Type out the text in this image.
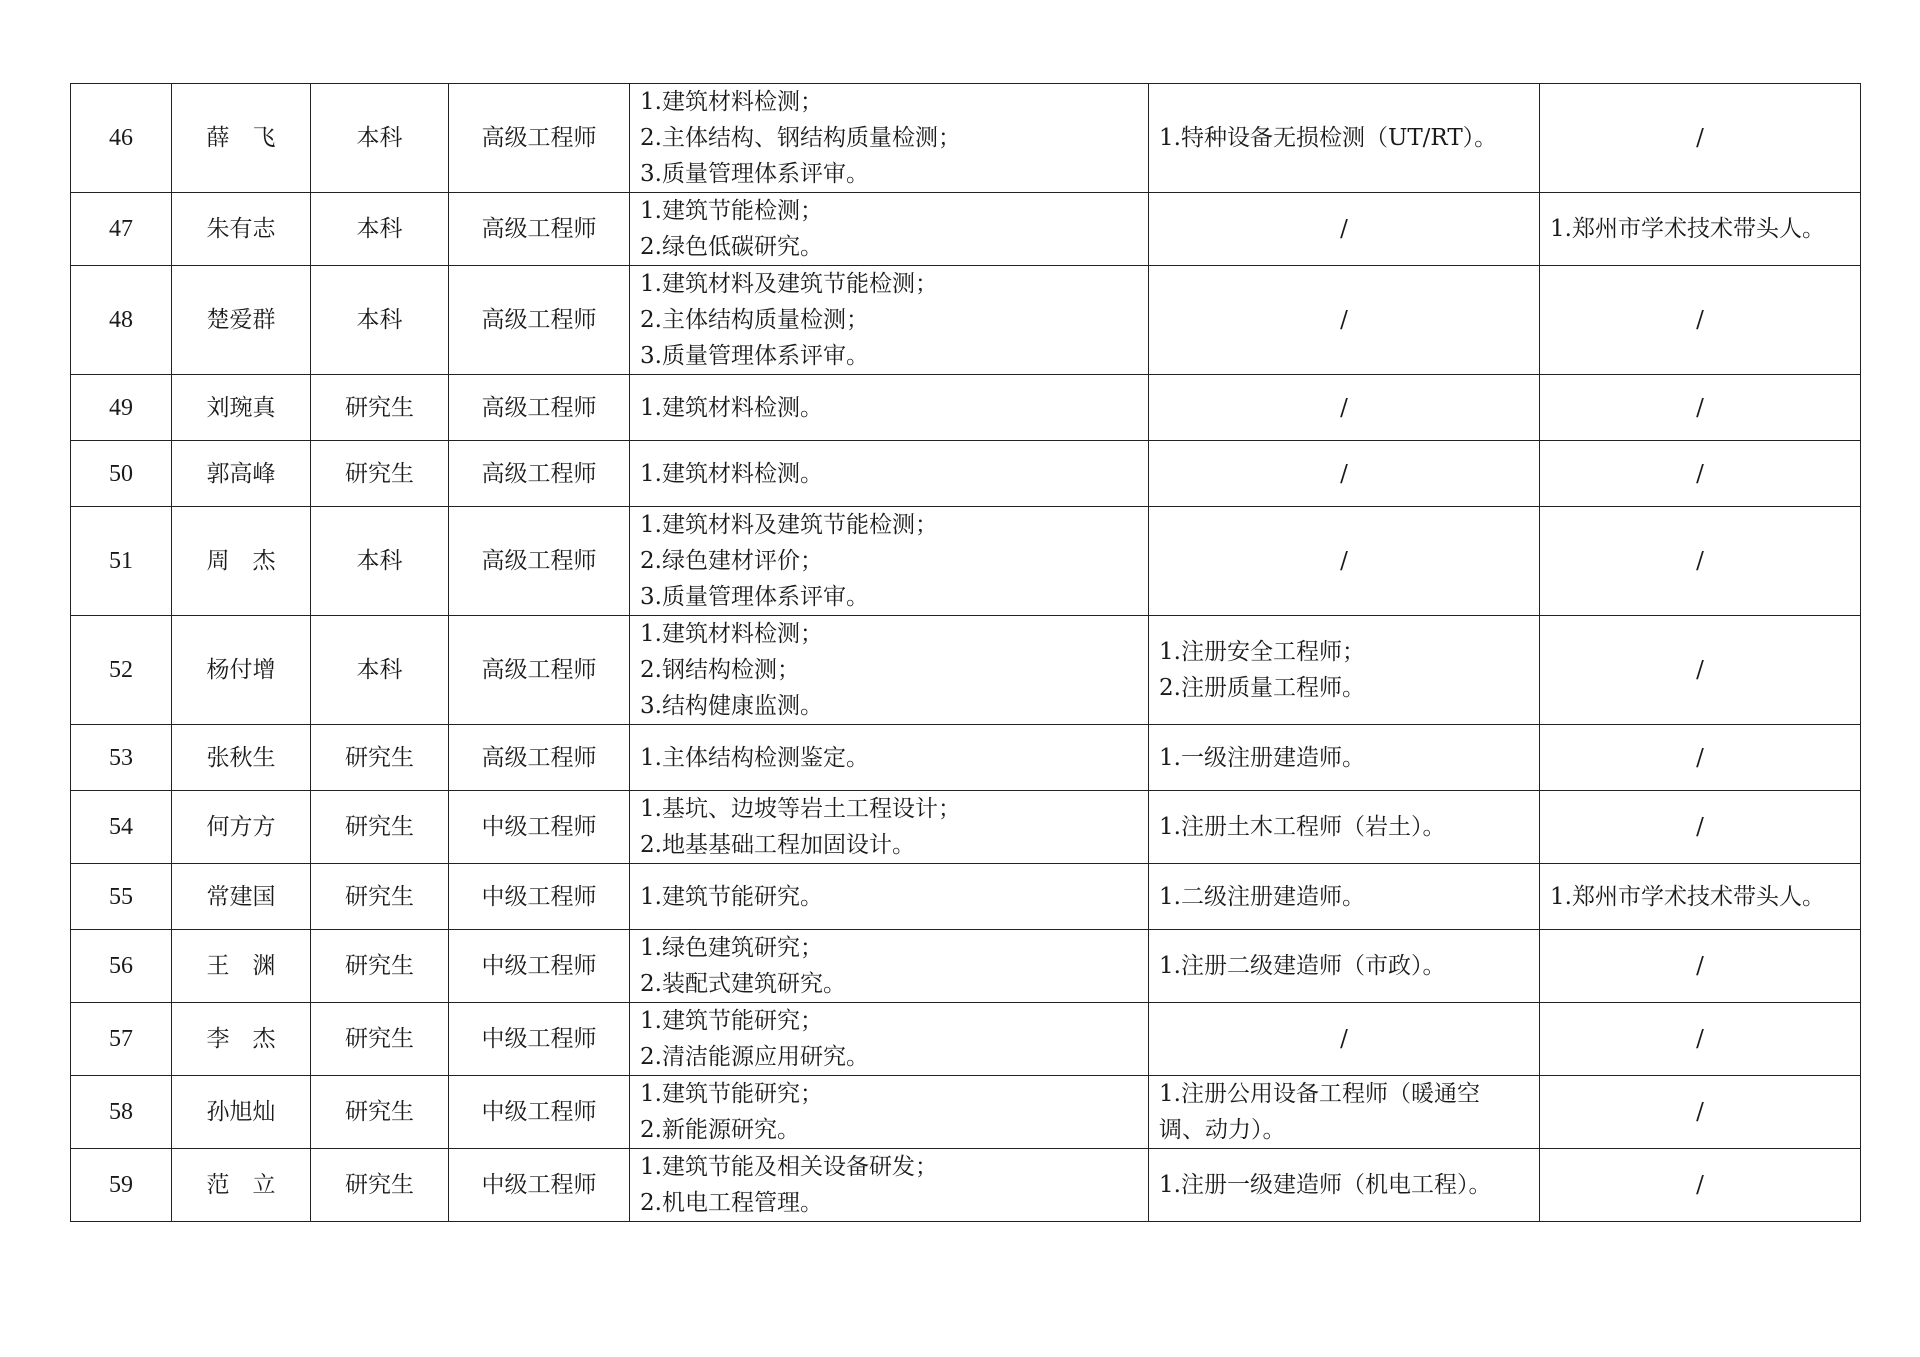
46	薛　飞	本科	高级工程师	1.建筑材料检测；
2.主体结构、钢结构质量检测；
3.质量管理体系评审。	1.特种设备无损检测（UT/RT）。	/

47	朱有志	本科	高级工程师	1.建筑节能检测；
2.绿色低碳研究。	/	1.郑州市学术技术带头人。

48	楚爱群	本科	高级工程师	1.建筑材料及建筑节能检测；
2.主体结构质量检测；
3.质量管理体系评审。	/	/

49	刘琬真	研究生	高级工程师	1.建筑材料检测。	/	/

50	郭高峰	研究生	高级工程师	1.建筑材料检测。	/	/

51	周　杰	本科	高级工程师	1.建筑材料及建筑节能检测；
2.绿色建材评价；
3.质量管理体系评审。	/	/

52	杨付增	本科	高级工程师	1.建筑材料检测；
2.钢结构检测；
3.结构健康监测。	1.注册安全工程师；
2.注册质量工程师。	/

53	张秋生	研究生	高级工程师	1.主体结构检测鉴定。	1.一级注册建造师。	/

54	何方方	研究生	中级工程师	1.基坑、边坡等岩土工程设计；
2.地基基础工程加固设计。	1.注册土木工程师（岩土）。	/

55	常建国	研究生	中级工程师	1.建筑节能研究。	1.二级注册建造师。	1.郑州市学术技术带头人。

56	王　渊	研究生	中级工程师	1.绿色建筑研究；
2.装配式建筑研究。	1.注册二级建造师（市政）。	/

57	李　杰	研究生	中级工程师	1.建筑节能研究；
2.清洁能源应用研究。	/	/

58	孙旭灿	研究生	中级工程师	1.建筑节能研究；
2.新能源研究。	1.注册公用设备工程师（暖通空
调、动力）。	/

59	范　立	研究生	中级工程师	1.建筑节能及相关设备研发；
2.机电工程管理。	1.注册一级建造师（机电工程）。	/
